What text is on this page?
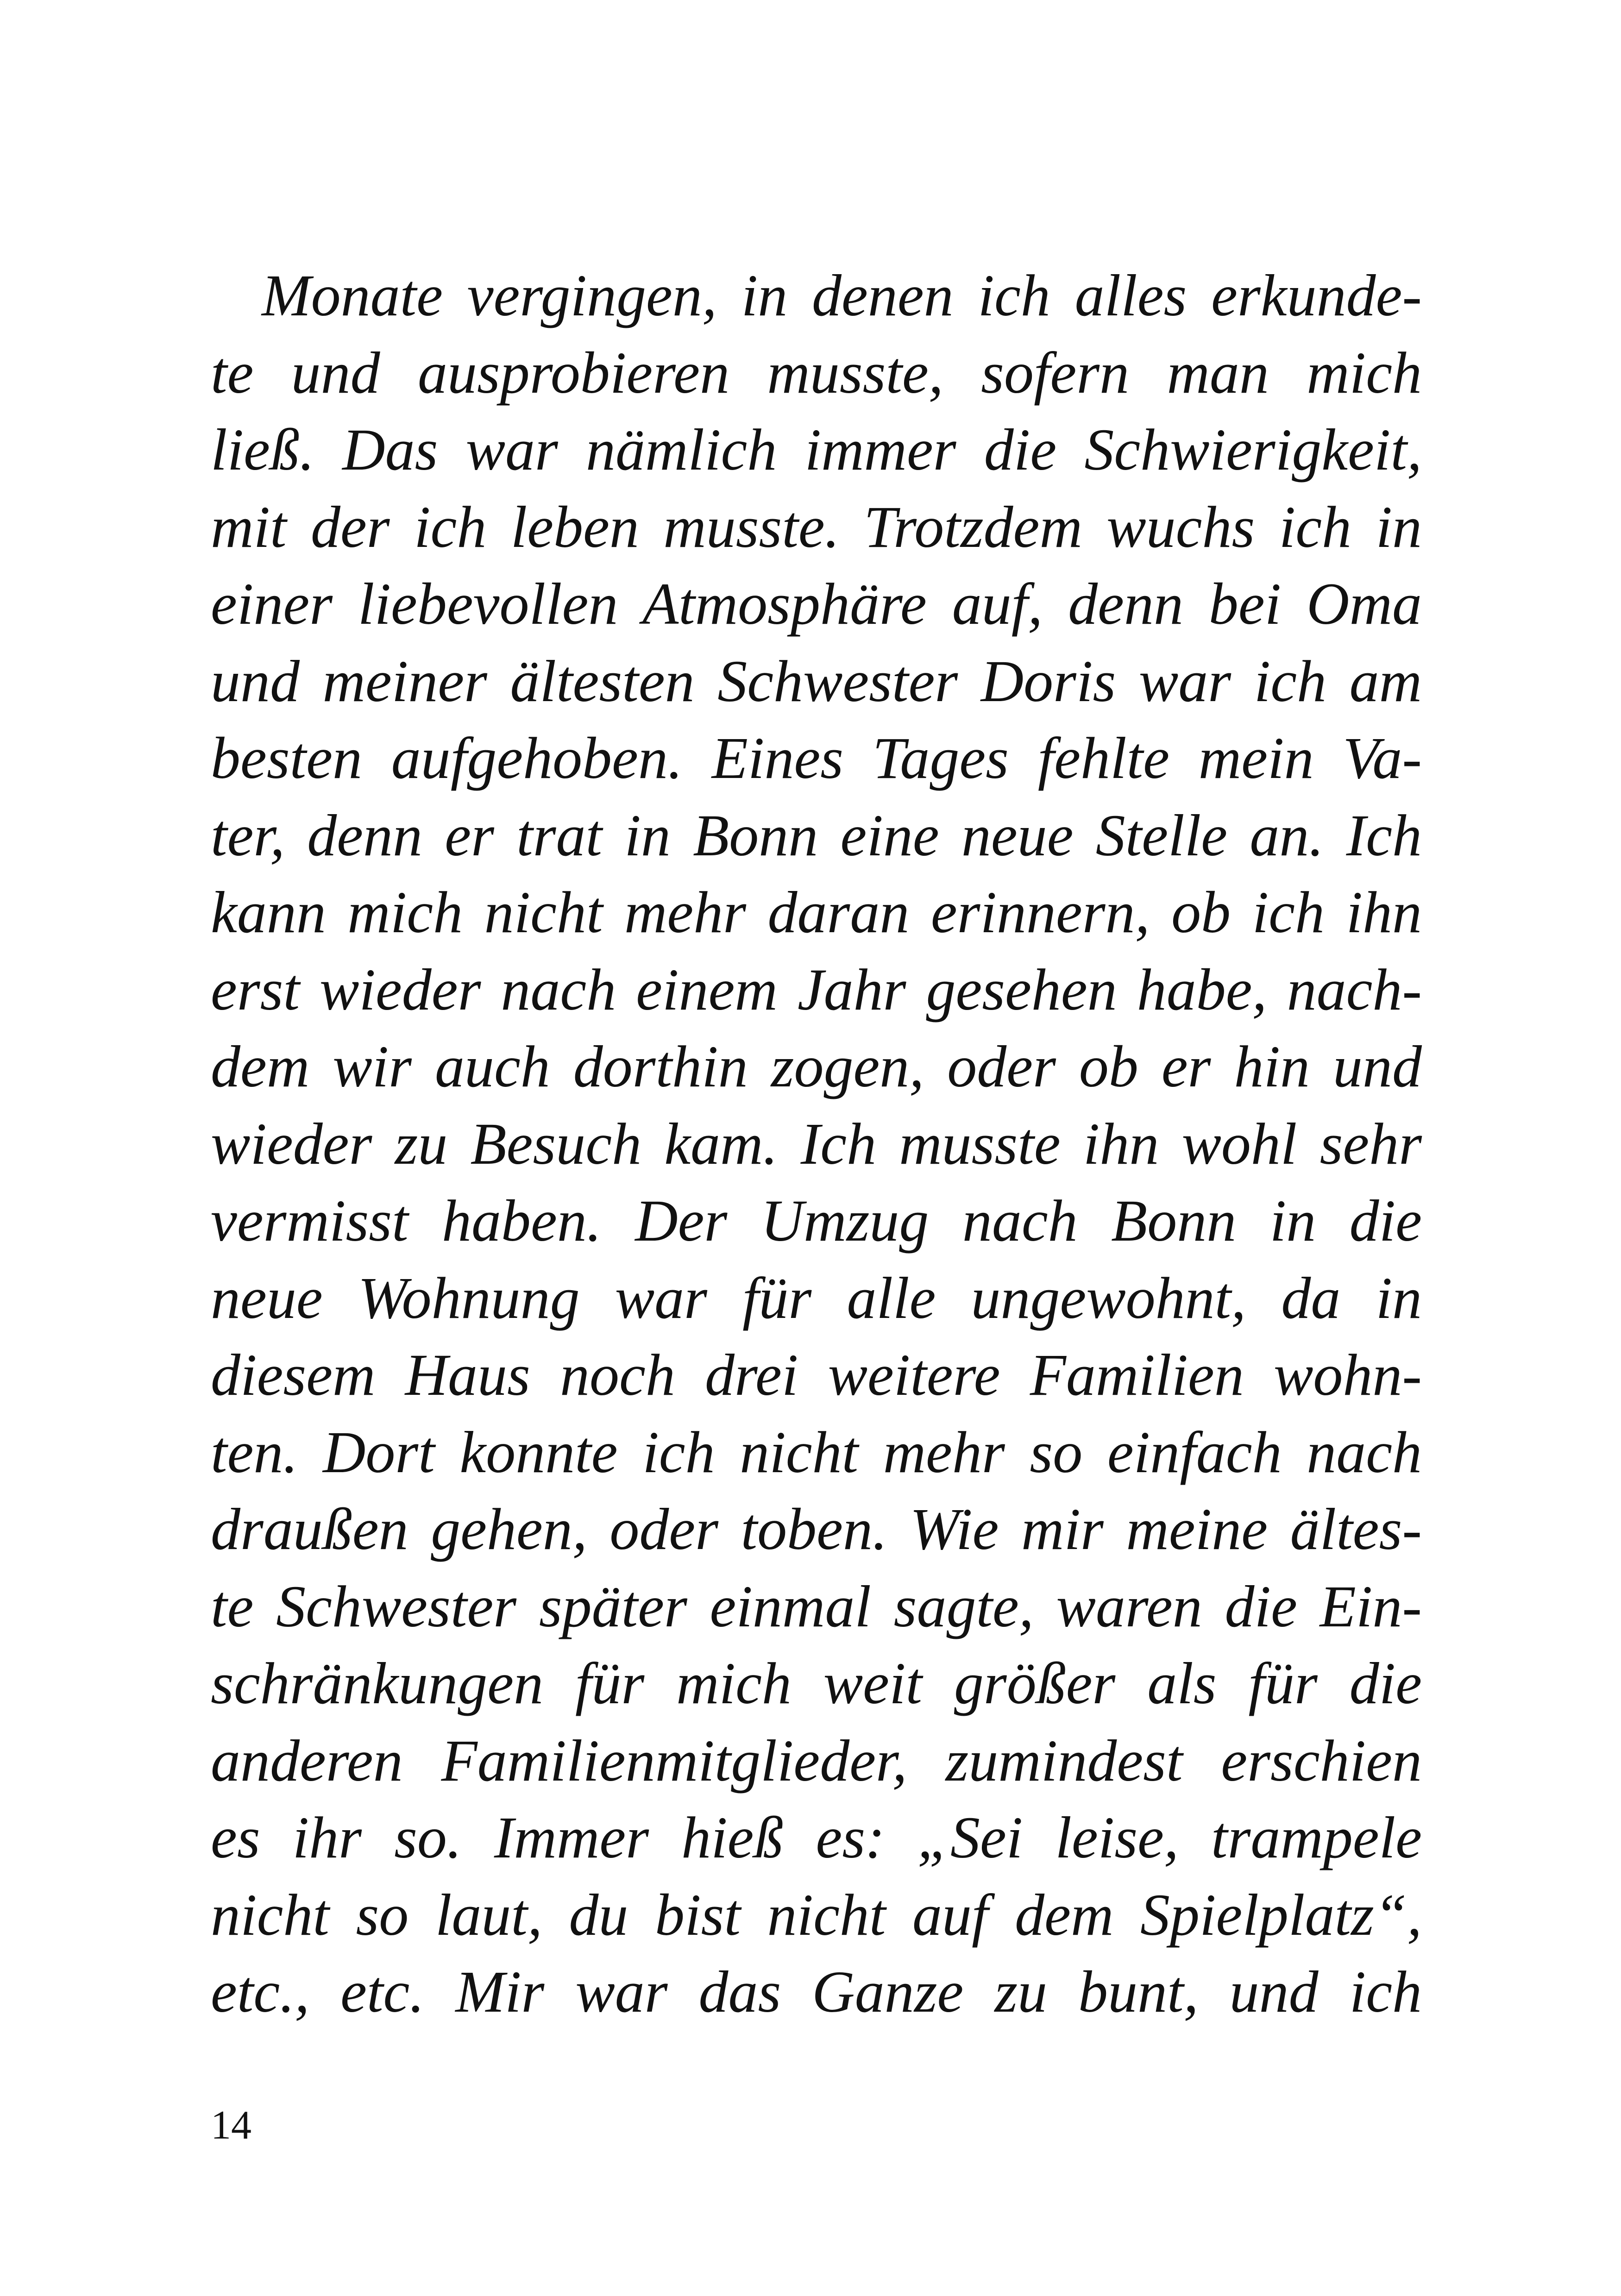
Monate vergingen, in denen ich alles erkunde-
te und ausprobieren musste, sofern man mich
ließ. Das war nämlich immer die Schwierigkeit,
mit der ich leben musste. Trotzdem wuchs ich in
einer liebevollen Atmosphäre auf, denn bei Oma
und meiner ältesten Schwester Doris war ich am
besten aufgehoben. Eines Tages fehlte mein Va-
ter, denn er trat in Bonn eine neue Stelle an. Ich
kann mich nicht mehr daran erinnern, ob ich ihn
erst wieder nach einem Jahr gesehen habe, nach-
dem wir auch dorthin zogen, oder ob er hin und
wieder zu Besuch kam. Ich musste ihn wohl sehr
vermisst haben. Der Umzug nach Bonn in die
neue Wohnung war für alle ungewohnt, da in
diesem Haus noch drei weitere Familien wohn-
ten. Dort konnte ich nicht mehr so einfach nach
draußen gehen, oder toben. Wie mir meine ältes-
te Schwester später einmal sagte, waren die Ein-
schränkungen für mich weit größer als für die
anderen Familienmitglieder, zumindest erschien
es ihr so. Immer hieß es: „Sei leise, trampele
nicht so laut, du bist nicht auf dem Spielplatz“,
etc., etc. Mir war das Ganze zu bunt, und ich
14
